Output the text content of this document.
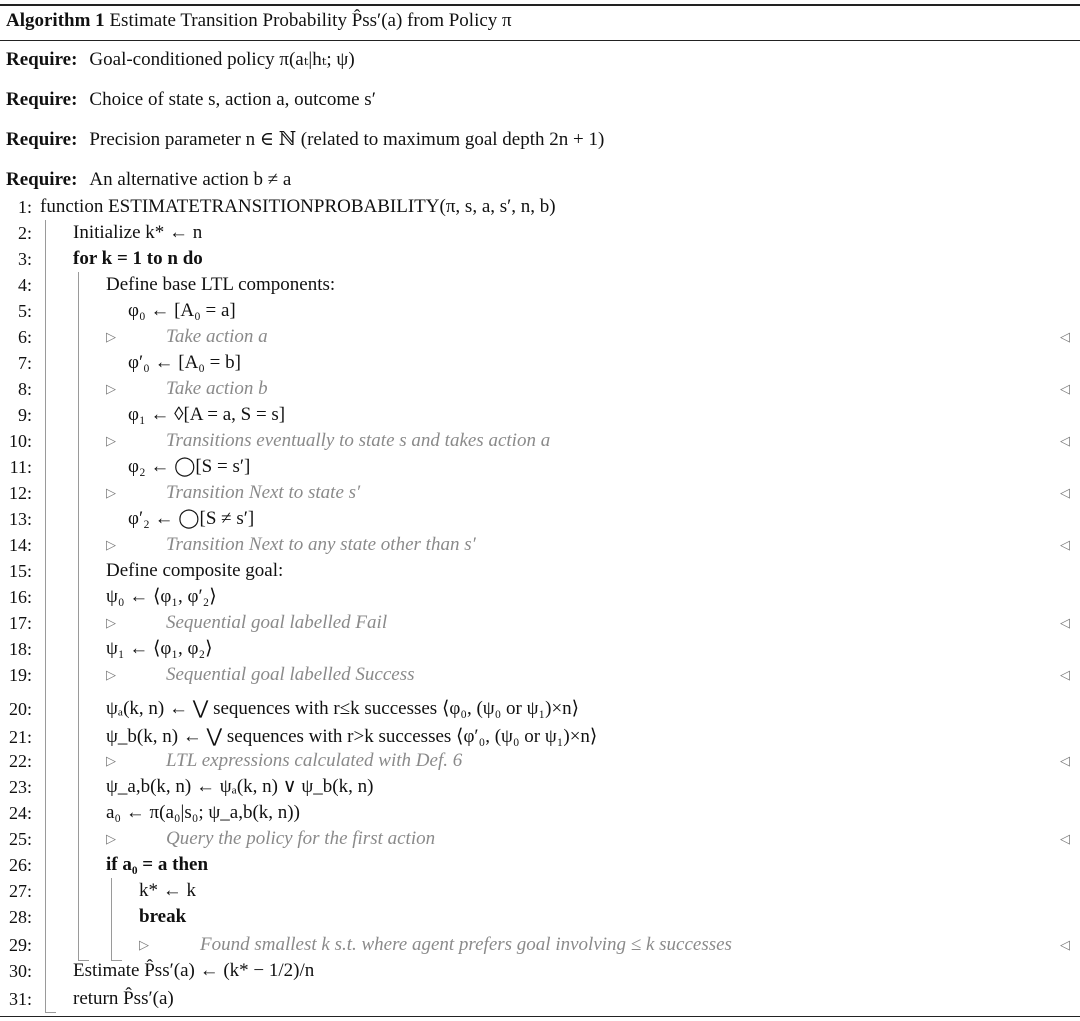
Algorithm 1 Estimate Transition Probability P̂ss′(a) from Policy π
Require: Goal-conditioned policy π(aₜ|hₜ; ψ)
Require: Choice of state s, action a, outcome s′
Require: Precision parameter n ∈ ℕ (related to maximum goal depth 2n + 1)
Require: An alternative action b ≠ a
1: function ESTIMATETRANSITIONPROBABILITY(π, s, a, s′, n, b)
2: Initialize k* ← n
3: for k = 1 to n do
4:	Define base LTL components:
5:	φ₀ ← [A₀ = a]
6:	▷	Take action a	◁
7:	φ′₀ ← [A₀ = b]
8:	▷	Take action b	◁
9:	φ₁ ← ◊[A = a, S = s]
10:	▷	Transitions eventually to state s and takes action a	◁
11:	φ₂ ← ◯[S = s′]
12:	▷	Transition Next to state s′	◁
13:	φ′₂ ← ◯[S ≠ s′]
14:	▷	Transition Next to any state other than s′	◁
15:	Define composite goal:
16:	ψ₀ ← ⟨φ₁, φ′₂⟩
17:	▷	Sequential goal labelled Fail	◁
18:	ψ₁ ← ⟨φ₁, φ₂⟩
19:	▷	Sequential goal labelled Success	◁
20:	ψₐ(k, n) ← ⋁ sequences with r≤k successes ⟨φ₀, (ψ₀ or ψ₁)×n⟩
21:	ψ_b(k, n) ← ⋁ sequences with r>k successes ⟨φ′₀, (ψ₀ or ψ₁)×n⟩
22:	▷	LTL expressions calculated with Def. 6	◁
23:	ψ_a,b(k, n) ← ψₐ(k, n) ∨ ψ_b(k, n)
24:	a₀ ← π(a₀|s₀; ψ_a,b(k, n))
25:	▷	Query the policy for the first action	◁
26:	if a₀ = a then
27:	k* ← k
28:	break
29:	▷	Found smallest k s.t. where agent prefers goal involving ≤ k successes	◁
30: Estimate P̂ss′(a) ← (k* − 1/2)/n
31: return P̂ss′(a)
